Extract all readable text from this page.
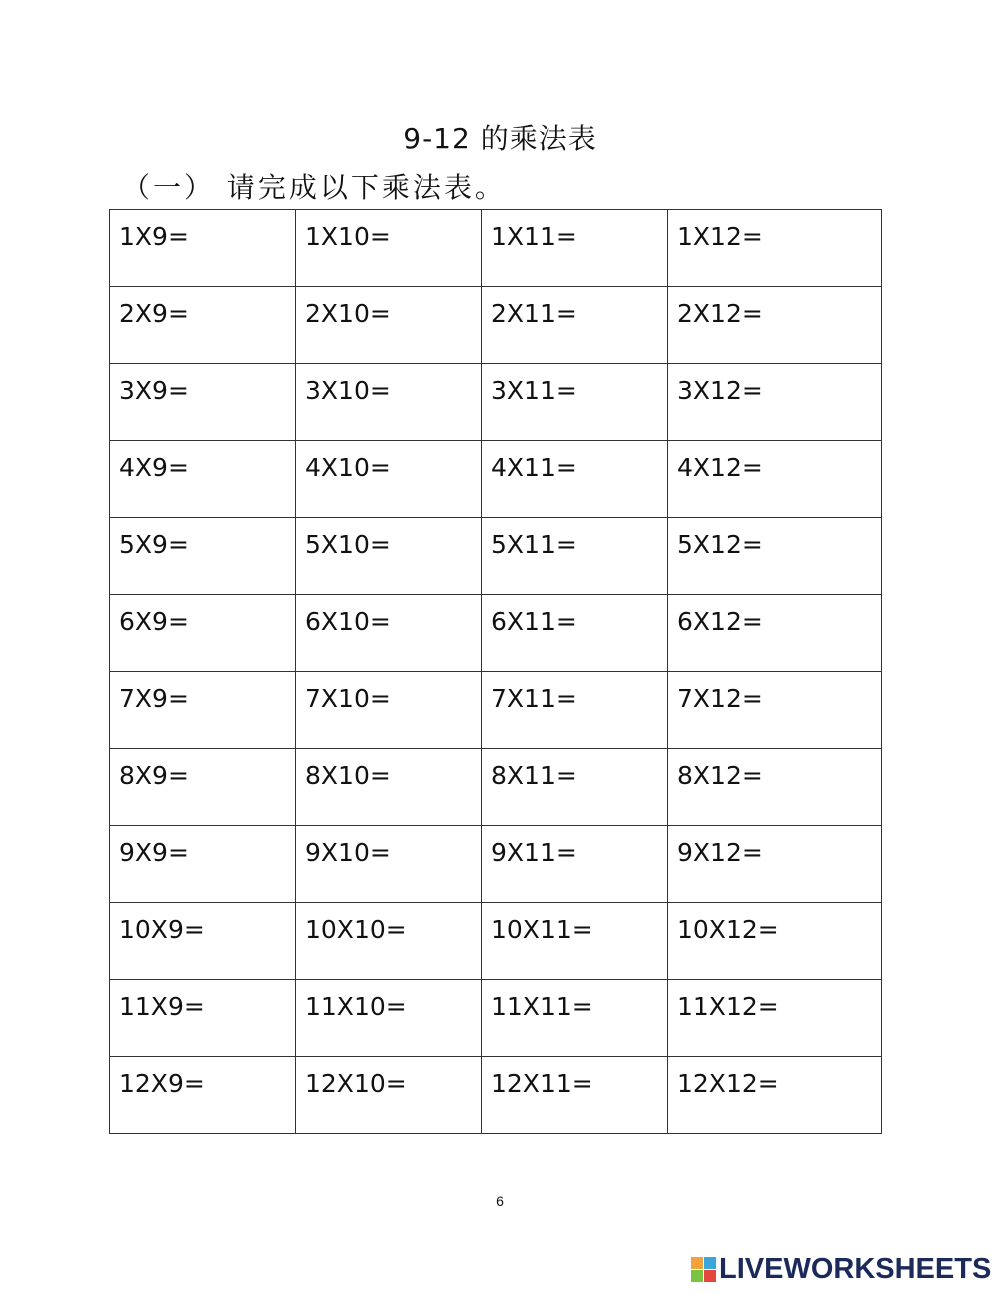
9-12 的乘法表
（一） 请完成以下乘法表。
1X9=	1X10=	1X11=	1X12=
2X9=	2X10=	2X11=	2X12=
3X9=	3X10=	3X11=	3X12=
4X9=	4X10=	4X11=	4X12=
5X9=	5X10=	5X11=	5X12=
6X9=	6X10=	6X11=	6X12=
7X9=	7X10=	7X11=	7X12=
8X9=	8X10=	8X11=	8X12=
9X9=	9X10=	9X11=	9X12=
10X9=	10X10=	10X11=	10X12=
11X9=	11X10=	11X11=	11X12=
12X9=	12X10=	12X11=	12X12=
6
LIVEWORKSHEETS
